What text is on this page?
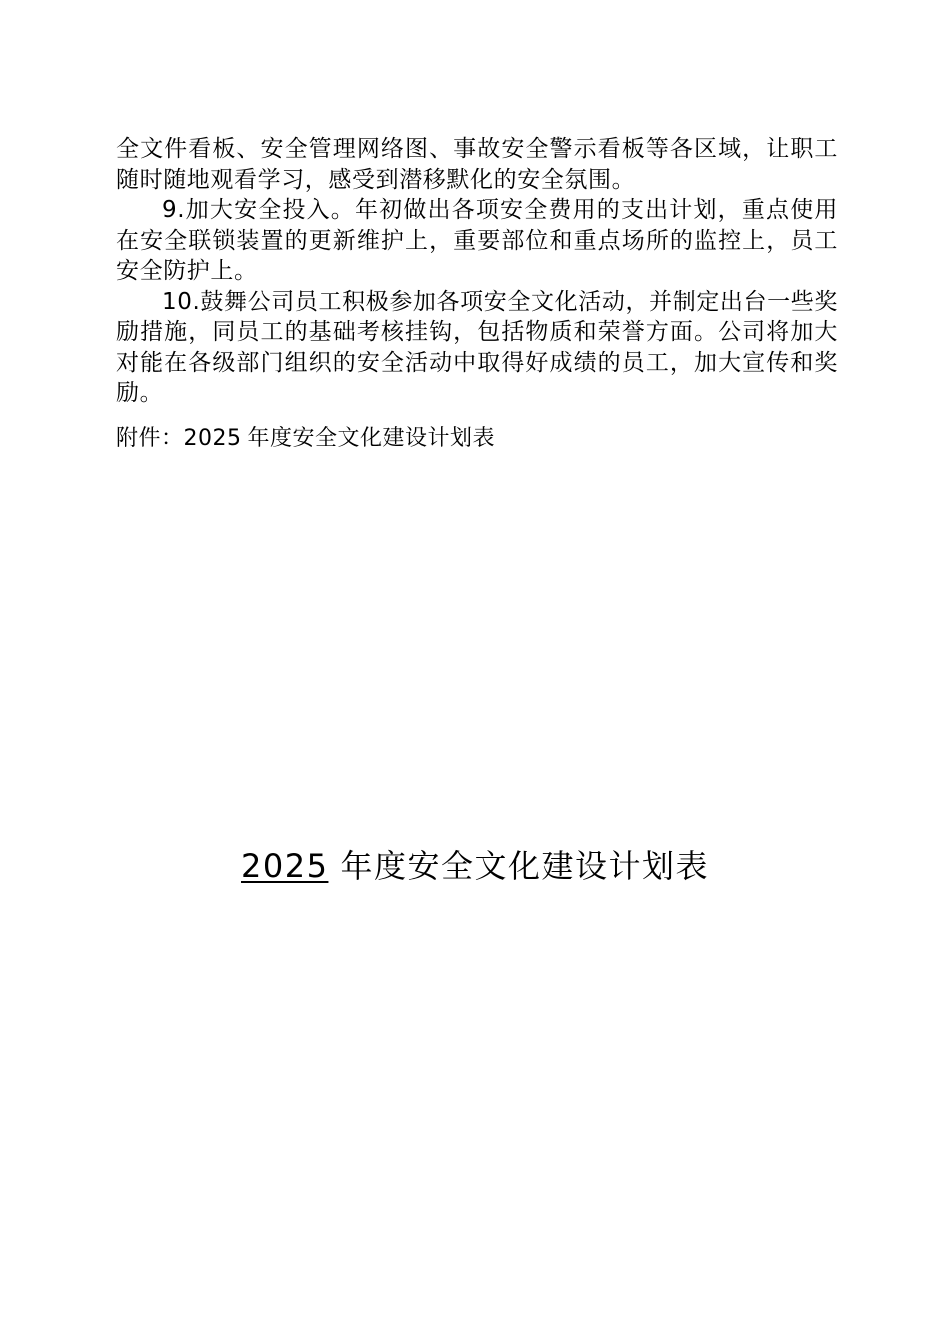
全文件看板、安全管理网络图、事故安全警示看板等各区域，让职工随时随地观看学习，感受到潜移默化的安全氛围。

9.加大安全投入。年初做出各项安全费用的支出计划，重点使用在安全联锁装置的更新维护上，重要部位和重点场所的监控上，员工安全防护上。

10.鼓舞公司员工积极参加各项安全文化活动，并制定出台一些奖励措施，同员工的基础考核挂钩，包括物质和荣誉方面。公司将加大对能在各级部门组织的安全活动中取得好成绩的员工，加大宣传和奖励。

附件：2025 年度安全文化建设计划表
2025 年度安全文化建设计划表
